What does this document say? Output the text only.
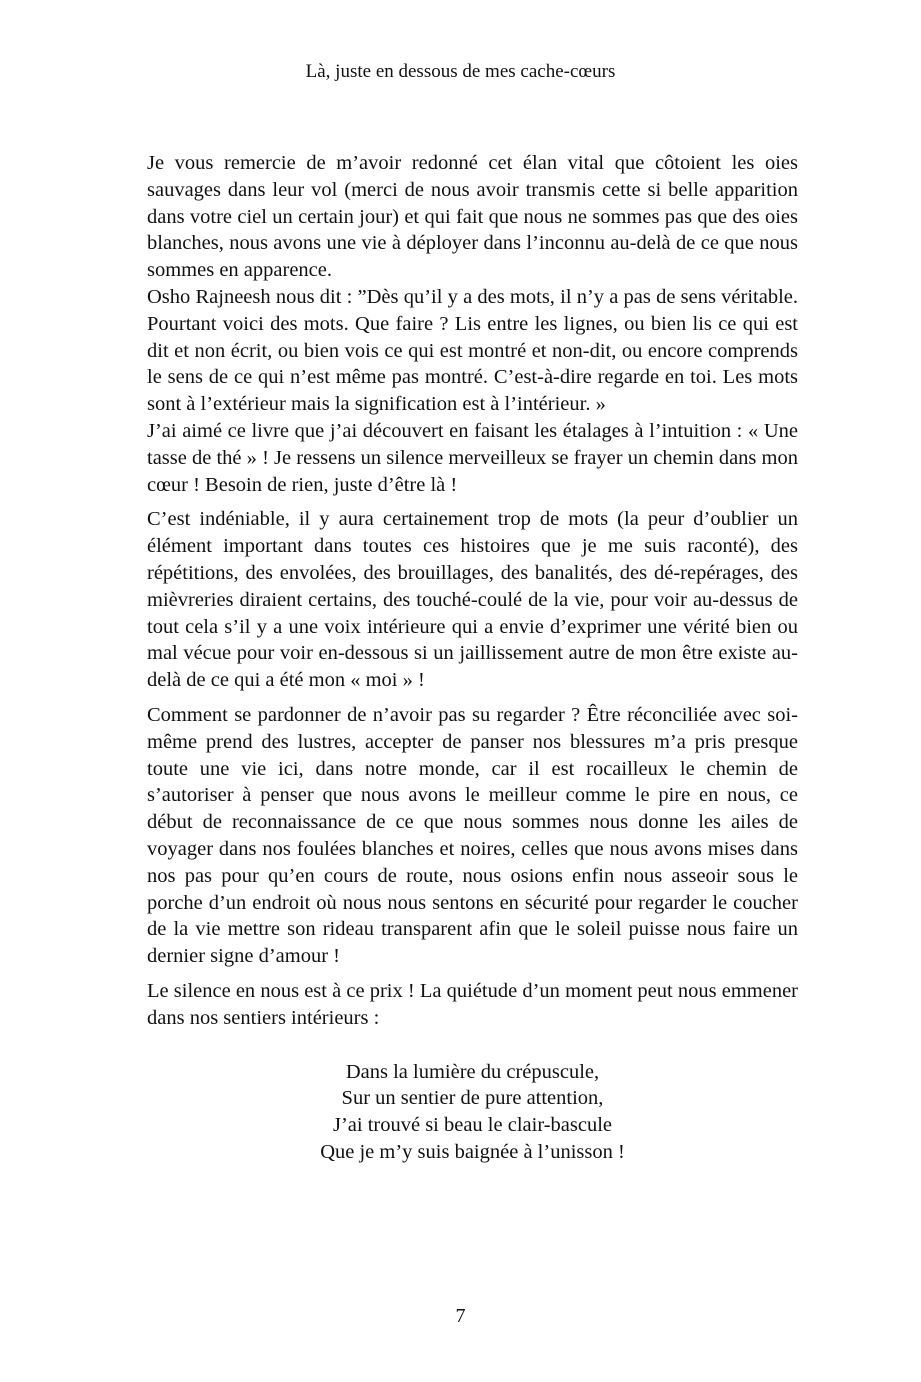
Là, juste en dessous de mes cache-cœurs

Je vous remercie de m’avoir redonné cet élan vital que côtoient les oies sauvages dans leur vol (merci de nous avoir transmis cette si belle apparition dans votre ciel un certain jour) et qui fait que nous ne sommes pas que des oies blanches, nous avons une vie à déployer dans l’inconnu au-delà de ce que nous sommes en apparence.

Osho Rajneesh nous dit : ”Dès qu’il y a des mots, il n’y a pas de sens véritable. Pourtant voici des mots. Que faire ? Lis entre les lignes, ou bien lis ce qui est dit et non écrit, ou bien vois ce qui est montré et non-dit, ou encore comprends le sens de ce qui n’est même pas montré. C’est-à-dire regarde en toi. Les mots sont à l’extérieur mais la signification est à l’intérieur. »

J’ai aimé ce livre que j’ai découvert en faisant les étalages à l’intuition : « Une tasse de thé » ! Je ressens un silence merveilleux se frayer un chemin dans mon cœur ! Besoin de rien, juste d’être là !

C’est indéniable, il y aura certainement trop de mots (la peur d’oublier un élément important dans toutes ces histoires que je me suis raconté), des répétitions, des envolées, des brouillages, des banalités, des dé-repérages, des mièvreries diraient certains, des touché-coulé de la vie, pour voir au-dessus de tout cela s’il y a une voix intérieure qui a envie d’exprimer une vérité bien ou mal vécue pour voir en-dessous si un jaillissement autre de mon être existe au-delà de ce qui a été mon « moi » !

Comment se pardonner de n’avoir pas su regarder ? Être réconciliée avec soi-même prend des lustres, accepter de panser nos blessures m’a pris presque toute une vie ici, dans notre monde, car il est rocailleux le chemin de s’autoriser à penser que nous avons le meilleur comme le pire en nous, ce début de reconnaissance de ce que nous sommes nous donne les ailes de voyager dans nos foulées blanches et noires, celles que nous avons mises dans nos pas pour qu’en cours de route, nous osions enfin nous asseoir sous le porche d’un endroit où nous nous sentons en sécurité pour regarder le coucher de la vie mettre son rideau transparent afin que le soleil puisse nous faire un dernier signe d’amour !

Le silence en nous est à ce prix ! La quiétude d’un moment peut nous emmener dans nos sentiers intérieurs :

Dans la lumière du crépuscule,
Sur un sentier de pure attention,
J’ai trouvé si beau le clair-bascule
Que je m’y suis baignée à l’unisson !
7
